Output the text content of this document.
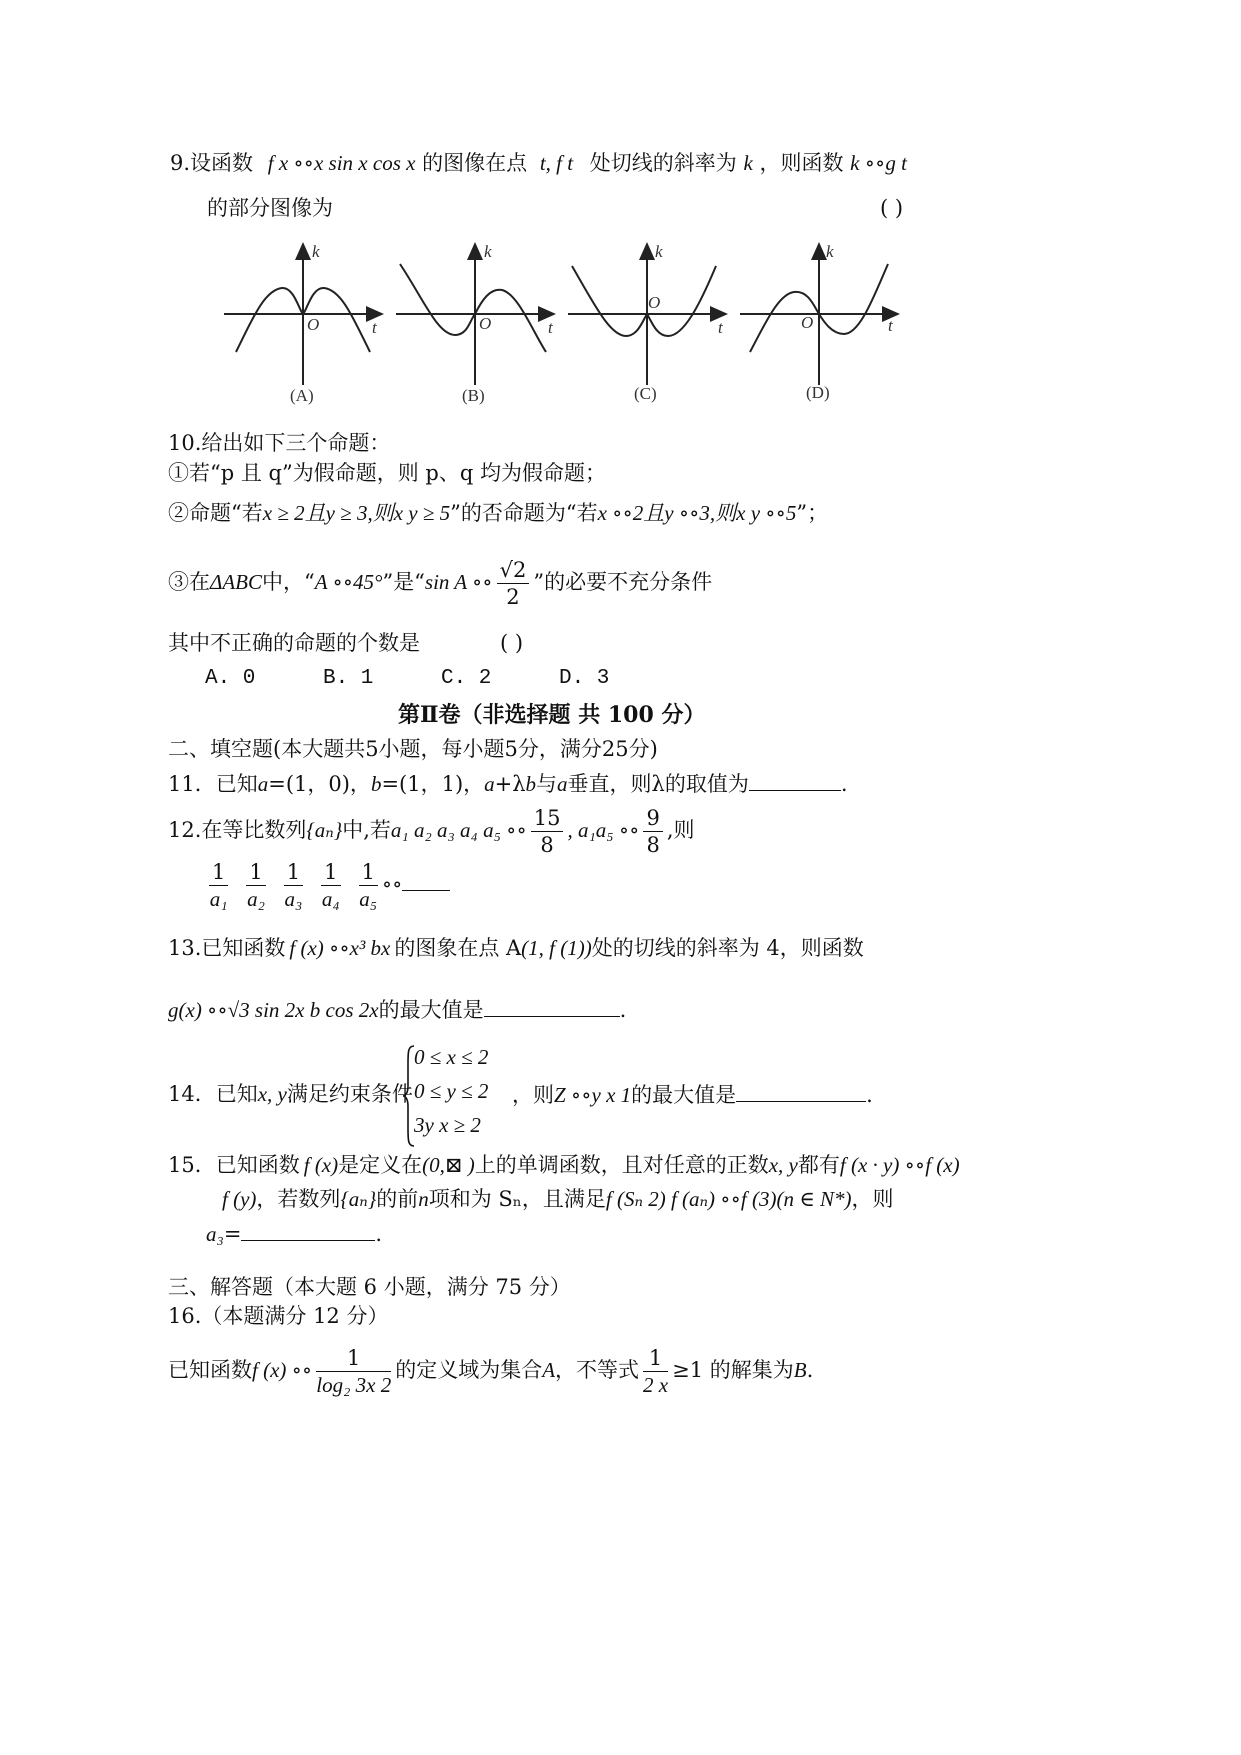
9.设函数 f x ∘∘x sin x cos x 的图像在点 t, f t 处切线的斜率为 k ，则函数 k ∘∘g t
的部分图像为	( )
k
t
O
(A)
k
t
O
(B)
k
t
O
(C)
k
t
O
(D)
10.给出如下三个命题：
①若“p 且 q”为假命题，则 p、q 均为假命题；
②命题“若x ≥ 2且y ≥ 3,则x y ≥ 5”的否命题为“若x ∘∘2且y ∘∘3,则x y ∘∘5”；
③在ΔABC中，“A ∘∘45°”是“sin A ∘∘ $\frac{√2}{2}$ ”的必要不充分条件
其中不正确的命题的个数是	( )
A. 0	B. 1	C. 2	D. 3
第Ⅱ卷（非选择题 共 100 分）
二、填空题(本大题共5小题，每小题5分，满分25分)
11．已知a=(1，0)，b=(1，1)，a+λb与a垂直，则λ的取值为	.
12.在等比数列{aₙ}中,若a₁ a₂ a₃ a₄ a₅ ∘∘ $\frac{15}{8}$ , a₁a₅ ∘∘ $\frac{9}{8}$ ,则
$\frac{1}{\text{a₁}} \frac{1}{\text{a₂}} \frac{1}{\text{a₃}} \frac{1}{\text{a₄}} \frac{1}{\text{a₅}}$ ∘∘
13.已知函数 f (x) ∘∘x³ bx 的图象在点 A(1, f (1))处的切线的斜率为 4，则函数
g(x) ∘∘√3 sin 2x b cos 2x的最大值是	.
14．已知x, y满足约束条件
0 ≤ x ≤ 2
0 ≤ y ≤ 2
3y x ≥ 2
，则Z ∘∘y x 1的最大值是	.
15．已知函数 f (x)是定义在(0,⊠ )上的单调函数，且对任意的正数x, y都有f (x · y) ∘∘f (x)
f (y)，若数列{aₙ}的前n项和为 Sₙ，且满足f (Sₙ 2) f (aₙ) ∘∘f (3)(n ∈ N*)，则
a₃=	.
三、解答题（本大题 6 小题，满分 75 分）
16.（本题满分 12 分）
已知函数f (x) ∘∘ $\frac{1}{\text{log₂ 3x 2}}$ 的定义域为集合A，不等式 $\frac{1}{2 x} \ge 1$ 的解集为B.
